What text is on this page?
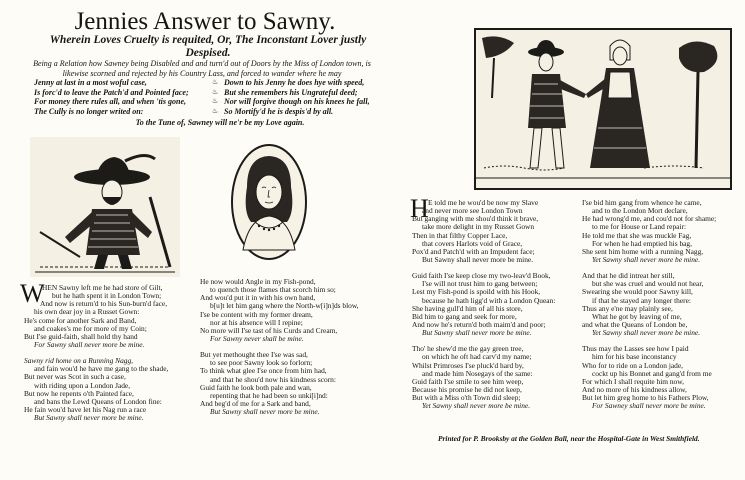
Jennies Answer to Sawny.
Wherein Loves Cruelty is requited, Or, The Inconstant Lover justly Despised.
Being a Relation how Sawney being Disabled and and turn'd out of Doors by the Miss of London town, is likewise scorned and rejected by his Country Lass, and forced to wander where he may
Jenny at last in a most woful case,
Is forc'd to leave the Patch'd and Pointed face;
For money there rules all, and when 'tis gone,
The Cully is no longer writed on:
♨
♨
♨
♨
Down to his Jenny he does hye with speed,
But she remembers his Ungrateful deed;
Nor will forgive though on his knees he fall,
So Mortify'd he is despis'd by all.
To the Tune of, Sawney will ne'r be my Love again.
W
HEN Sawny left me he had store of Gilt,
but he hath spent it in London Town;
And now is return'd to his Sun-burn'd face,
his own dear joy in a Russet Gown:
He's come for another Sark and Band,
and coakes's me for more of my Coin;
But I'se guid-faith, shall hold thy hand
For Sawny shall never more be mine.
Sawny rid home on a Running Nagg,
and fain wou'd he have me gang to the shade,
But never was Scot in such a case,
with riding upon a London Jade,
But now he repents o'th Painted face,
and bans the Lewd Queans of London fine:
He fain wou'd have let his Nag run a race
But Sawny shall never more be mine.
He now would Angle in my Fish-pond,
to quench those flames that scorch him so;
And wou'd put it in with his own hand,
b[u]t let him gang where the North-w[i]n]ds blow,
I'se be content with my former dream,
nor at his absence will I repine;
No more will I'se tast of his Curds and Cream,
For Sawny never shall be mine.
But yet methought thee I'se was sad,
to see poor Sawny look so forlorn;
To think what glee I'se once from him had,
and that he shou'd now his kindness scorn:
Guid faith he look both pale and wan,
repenting that he had been so unki[i]nd:
And beg'd of me for a Sark and band,
But Sawny shall never more be mine.
H E told me he wou'd be now my Slave
and never more see London Town
But ganging with me shou'd think it brave,
take more delight in my Russet Gown
Then in that filthy Copper Lace,
that covers Harlots void of Grace,
Pox'd and Patch'd with an Impudent face;
But Sawny shall never more be mine.
Guid faith I'se keep close my two-leav'd Book,
I'se will not trust him to gang between;
Lest my Fish-pond is spoild with his Hook,
because he hath ligg'd with a London Quean:
She having gull'd him of all his store,
Bid him to gang and seek for more,
And now he's return'd both maim'd and poor;
But Sawny shall never more be mine.
Tho' he shew'd me the gay green tree,
on which he oft had carv'd my name;
Whilst Primroses I'se pluck'd hard by,
and made him Nosegays of the same:
Guid faith I'se smile to see him weep,
Because his promise he did not keep,
But with a Miss o'th Town did sleep;
Yet Sawny shall never more be mine.
I'se bid him gang from whence he came,
and to the London Mort declare,
He had wrong'd me, and cou'd not for shame;
to me for House or Land repair:
He told me that she was muckle Fag,
For when he had emptied his bag,
She sent him home with a running Nagg,
Yet Sawny shall never more be mine.
And that he did intreat her still,
but she was cruel and would not hear,
Swearing she would poor Sawny kill,
if that he stayed any longer there:
Thus any e'ne may plainly see,
What he got by leaving of me,
and what the Queans of London be,
Yet Sawny shall never more be mine.
Thus may the Lasses see how I paid
him for his base inconstancy
Who for to ride on a London jade,
cockt up his Bonnet and gang'd from me
For which I shall requite him now,
And no more of his kindness allow,
But let him greg home to his Fathers Plow,
For Sawney shall never more be mine.
Printed for P. Brooksby at the Golden Ball, near the Hospital-Gate in West Smithfield.
